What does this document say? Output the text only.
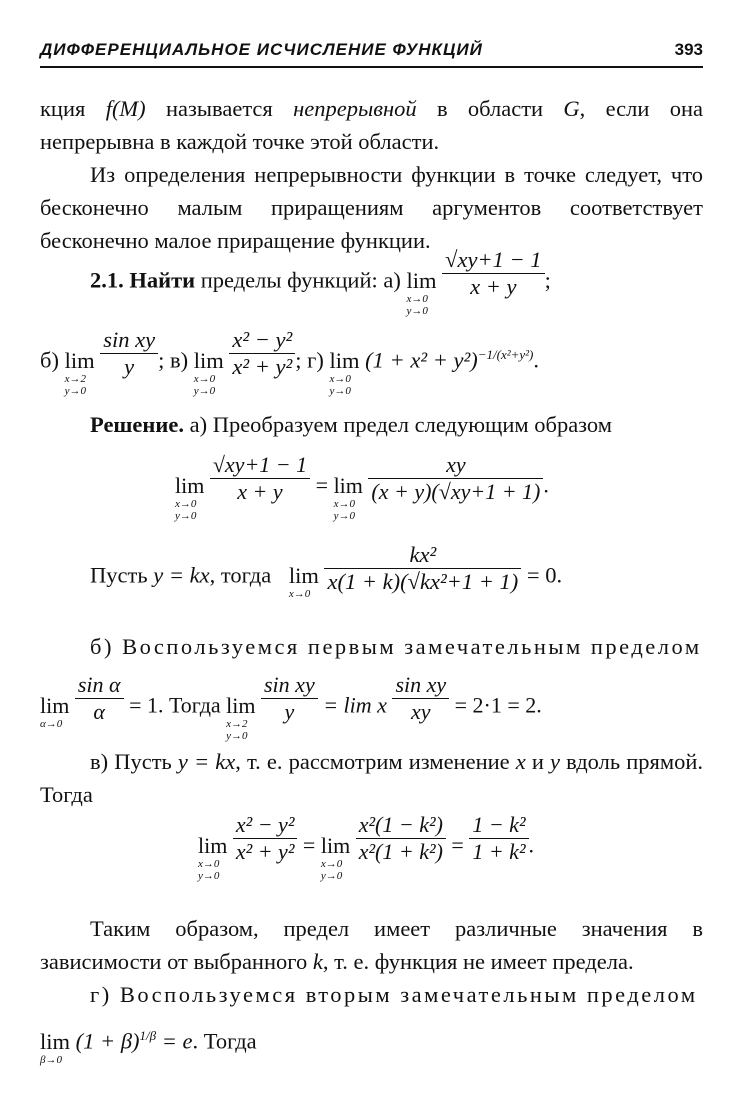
ДИФФЕРЕНЦИАЛЬНОЕ ИСЧИСЛЕНИЕ ФУНКЦИЙ	393
кция f(M) называется непрерывной в области G, если она непрерывна в каждой точке этой области.
Из определения непрерывности функции в точке следует, что бесконечно малым приращениям аргументов соответствует бесконечно малое приращение функции.
2.1. Найти пределы функций: а) lim
x→0
y→0

$\frac{√xy+1 - 1}{x + y}$ ;
б) lim
x→2
y→0

$\frac{\text{sin xy}}{y}$ ; в) lim
x→0
y→0

$\frac{\text{x² − y²}}{\text{x² + y²}}$ ; г) lim
x→0
y→0
$(1 + x^2 + y^2)^{-1/(x^2+y^2)}$.
Решение. а) Преобразуем предел следующим образом
lim
x→0
y→0

$\frac{√xy+1 - 1}{x + y} = \lim$
x→0
y→0

$\frac{xy}{(x + y)(√xy+1 + 1)}$ .
Пусть y = kx, тогда lim
x→0
$\frac{\text{kx²}}{\text{x(1 + k)(√kx²+1 + 1)}} = 0$.
б) Воспользуемся первым замечательным пределом
lim
α→0
$\frac{\text{sin α}}{\alpha} = 1$. Тогда lim
x→2
y→0

$\frac{\text{sin xy}}{y} = \lim x \frac{\text{sin xy}}{xy} = 2\cdot 1 = 2$.
в) Пусть y = kx, т. е. рассмотрим изменение x и y вдоль прямой. Тогда
lim
x→0
y→0

$\frac{\text{x² − y²}}{\text{x² + y²}} = \lim$
x→0
y→0

$\frac{\text{x²(1 − k²)}}{\text{x²(1 + k²)}} = \frac{\text{1 − k²}}{\text{1 + k²}}$ .
Таким образом, предел имеет различные значения в зависимости от выбранного k, т. е. функция не имеет предела.
г) Воспользуемся вторым замечательным пределом
lim
β→0
$(1 + \beta)^{1/\beta} = e$. Тогда
